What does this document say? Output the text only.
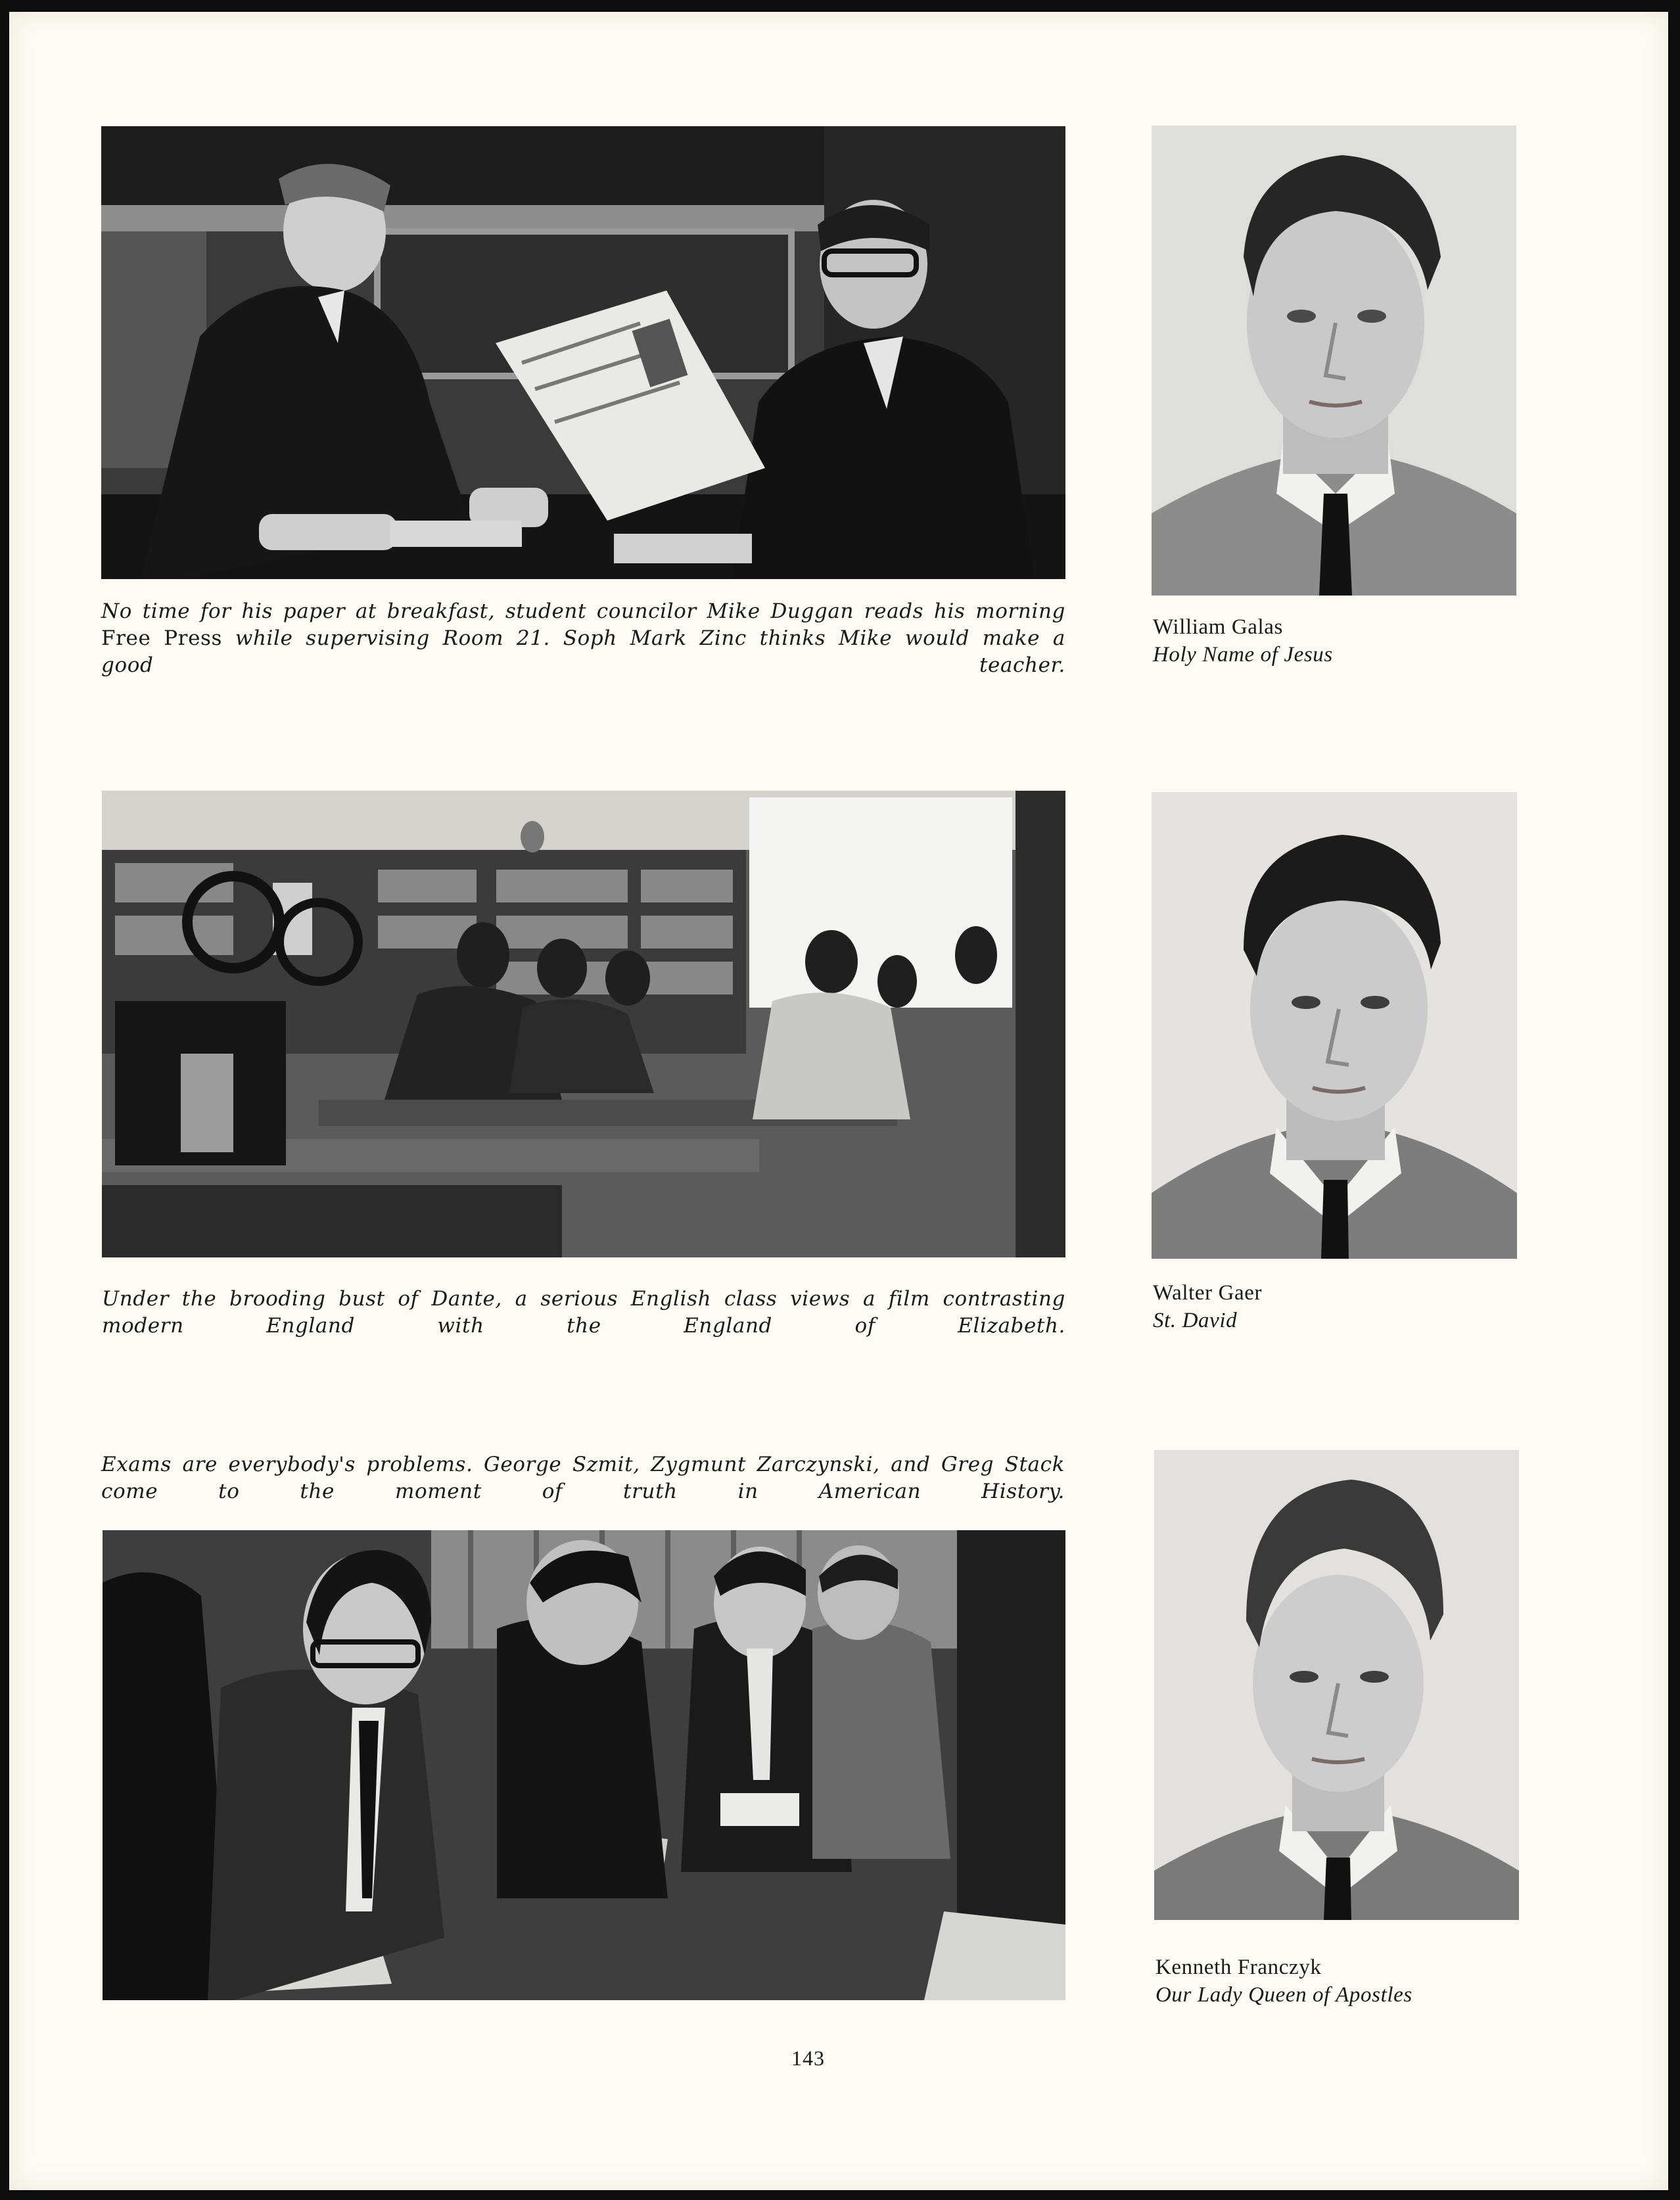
No time for his paper at breakfast, student councilor Mike Duggan reads his morning Free Press while supervising Room 21. Soph Mark Zinc thinks Mike would make a good teacher.
William Galas
Holy Name of Jesus
Under the brooding bust of Dante, a serious English class views a film contrasting modern England with the England of Elizabeth.
Walter Gaer
St. David
Exams are everybody's problems. George Szmit, Zygmunt Zarczynski, and Greg Stack come to the moment of truth in American History.
Kenneth Franczyk
Our Lady Queen of Apostles
143
